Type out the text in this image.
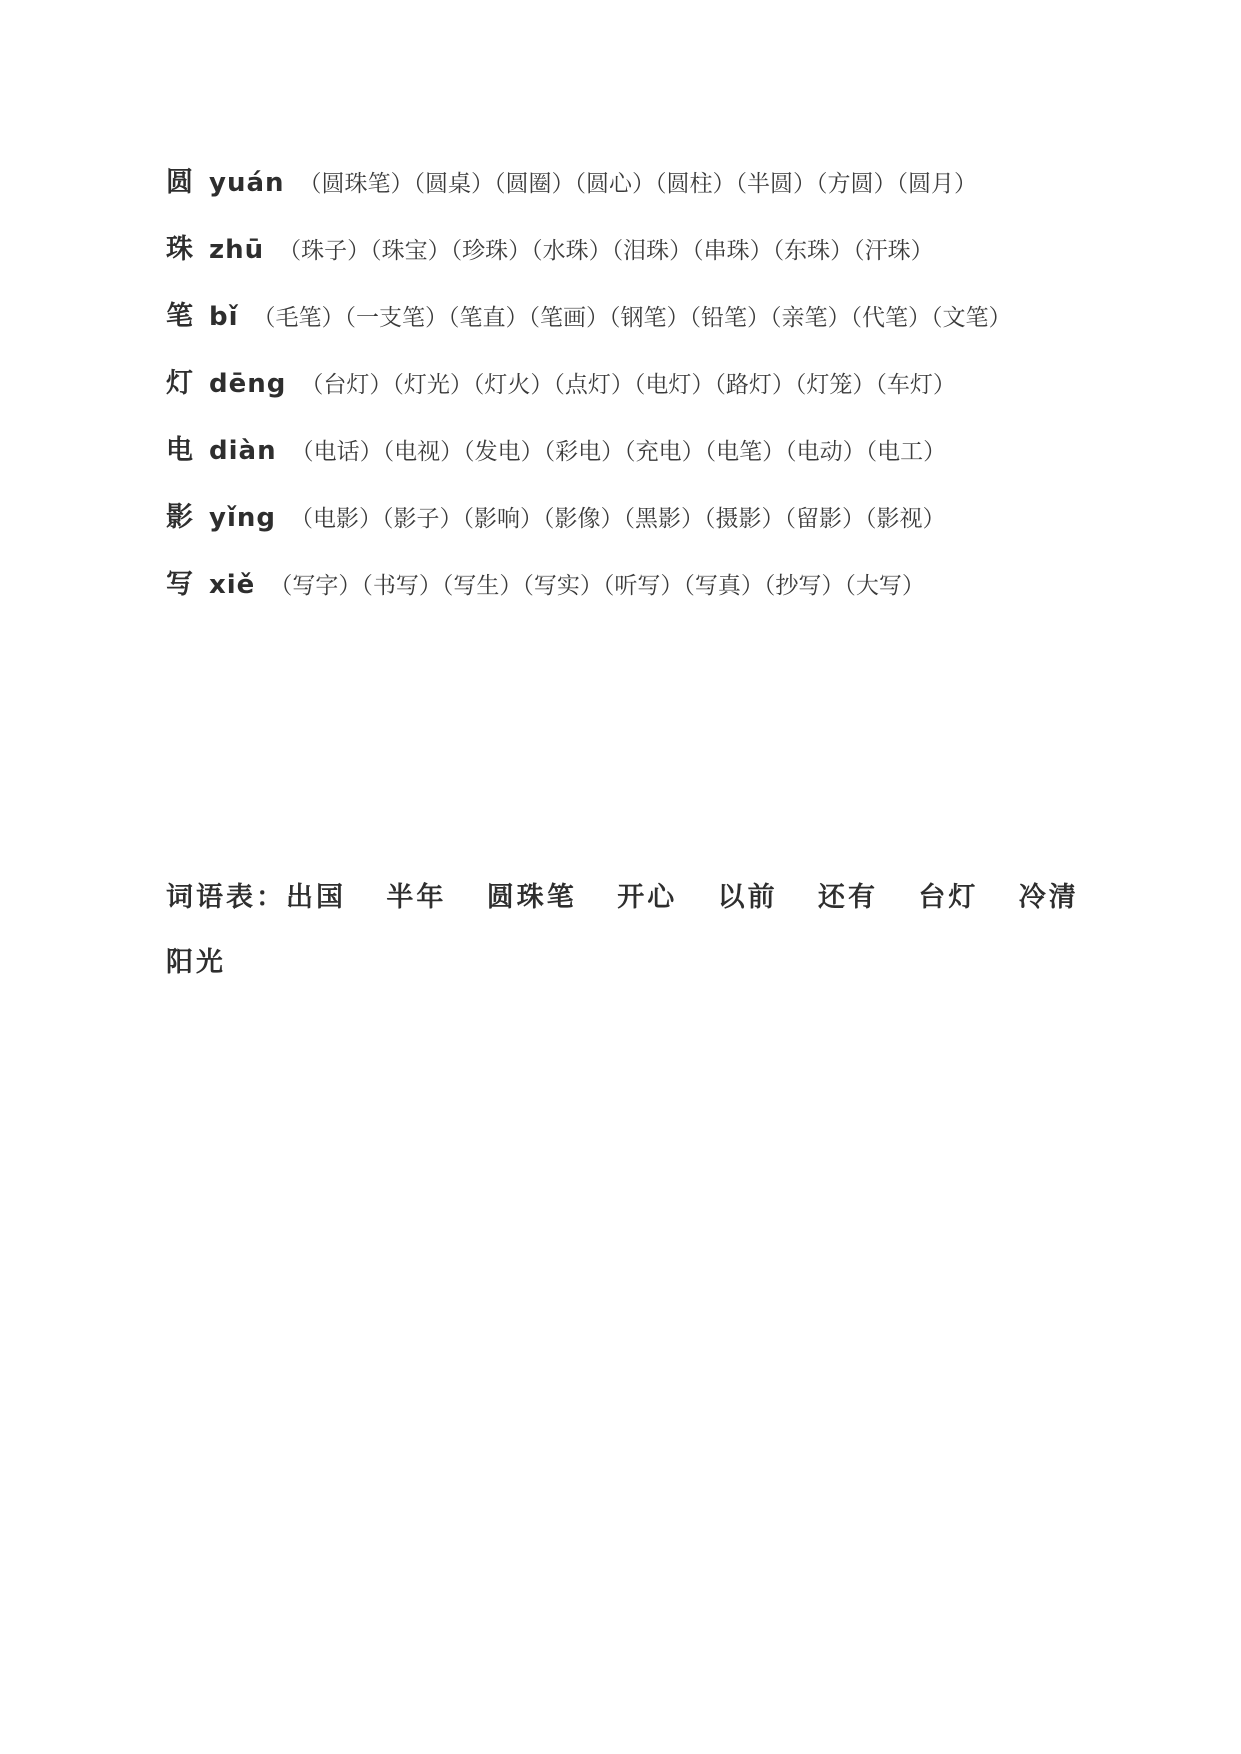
圆 yuán （圆珠笔）（圆桌）（圆圈）（圆心）（圆柱）（半圆）（方圆）（圆月）
珠 zhū （珠子）（珠宝）（珍珠）（水珠）（泪珠）（串珠）（东珠）（汗珠）
笔 bǐ （毛笔）（一支笔）（笔直）（笔画）（钢笔）（铅笔）（亲笔）（代笔）（文笔）
灯 dēng （台灯）（灯光）（灯火）（点灯）（电灯）（路灯）（灯笼）（车灯）
电 diàn （电话）（电视）（发电）（彩电）（充电）（电笔）（电动）（电工）
影 yǐng （电影）（影子）（影响）（影像）（黑影）（摄影）（留影）（影视）
写 xiě （写字）（书写）（写生）（写实）（听写）（写真）（抄写）（大写）
词语表：出国 半年 圆珠笔 开心 以前 还有 台灯 冷清 阳光
